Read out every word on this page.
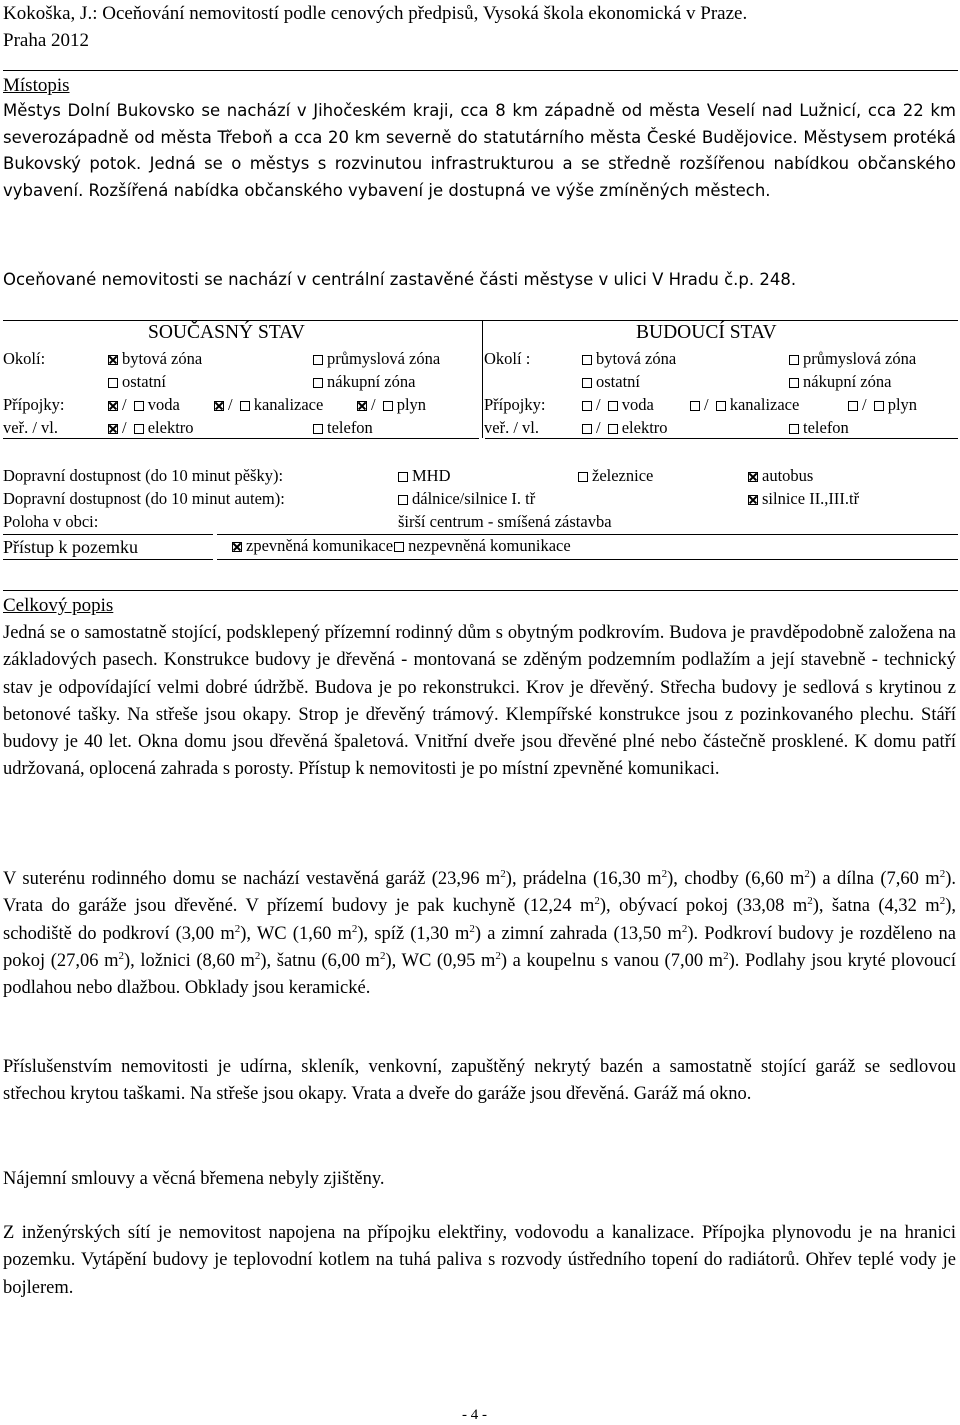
Kokoška, J.: Oceňování nemovitostí podle cenových předpisů, Vysoká škola ekonomická v Praze.
Praha 2012
Místopis
Městys Dolní Bukovsko se nachází v Jihočeském kraji, cca 8 km západně od města Veselí nad Lužnicí, cca 22 km severozápadně od města Třeboň a cca 20 km severně do statutárního města České Budějovice. Městysem protéká Bukovský potok. Jedná se o městys s rozvinutou infrastrukturou a se středně rozšířenou nabídkou občanského vybavení. Rozšířená nabídka občanského vybavení je dostupná ve výše zmíněných městech.
Oceňované nemovitosti se nachází v centrální zastavěné části městyse v ulici V Hradu č.p. 248.
SOUČASNÝ STAV	BUDOUCÍ STAV
Okolí:	bytová zóna	průmyslová zóna
ostatní	nákupní zóna
Přípojky:	/ voda	/ kanalizace	/ plyn
veř. / vl.	/ elektro	telefon
Okolí :	bytová zóna	průmyslová zóna
ostatní	nákupní zóna
Přípojky:	/ voda	/ kanalizace	/ plyn
veř. / vl.	/ elektro	telefon
Dopravní dostupnost (do 10 minut pěšky):	MHD	železnice	autobus
Dopravní dostupnost (do 10 minut autem):	dálnice/silnice I. tř	silnice II.,III.tř
Poloha v obci:	širší centrum - smíšená zástavba
Přístup k pozemku	zpevněná komunikace nezpevněná komunikace
Celkový popis
Jedná se o samostatně stojící, podsklepený přízemní rodinný dům s obytným podkrovím. Budova je pravděpodobně založena na základových pasech. Konstrukce budovy je dřevěná - montovaná se zděným podzemním podlažím a její stavebně - technický stav je odpovídající velmi dobré údržbě. Budova je po rekonstrukci. Krov je dřevěný. Střecha budovy je sedlová s krytinou z betonové tašky. Na střeše jsou okapy. Strop je dřevěný trámový. Klempířské konstrukce jsou z pozinkovaného plechu. Stáří budovy je 40 let. Okna domu jsou dřevěná špaletová. Vnitřní dveře jsou dřevěné plné nebo částečně prosklené. K domu patří udržovaná, oplocená zahrada s porosty. Přístup k nemovitosti je po místní zpevněné komunikaci.
V suterénu rodinného domu se nachází vestavěná garáž (23,96 $m^2$), prádelna (16,30 $m^2$), chodby (6,60 $m^2$) a dílna (7,60 $m^2$). Vrata do garáže jsou dřevěné. V přízemí budovy je pak kuchyně (12,24 $m^2$), obývací pokoj (33,08 $m^2$), šatna (4,32 $m^2$), schodiště do podkroví (3,00 $m^2$), WC (1,60 $m^2$), spíž (1,30 $m^2$) a zimní zahrada (13,50 $m^2$). Podkroví budovy je rozděleno na pokoj (27,06 $m^2$), ložnici (8,60 $m^2$), šatnu (6,00 $m^2$), WC (0,95 $m^2$) a koupelnu s vanou (7,00 $m^2$). Podlahy jsou kryté plovoucí podlahou nebo dlažbou. Obklady jsou keramické.
Příslušenstvím nemovitosti je udírna, skleník, venkovní, zapuštěný nekrytý bazén a samostatně stojící garáž se sedlovou střechou krytou taškami. Na střeše jsou okapy. Vrata a dveře do garáže jsou dřevěná. Garáž má okno.
Nájemní smlouvy a věcná břemena nebyly zjištěny.
Z inženýrských sítí je nemovitost napojena na přípojku elektřiny, vodovodu a kanalizace. Přípojka plynovodu je na hranici pozemku. Vytápění budovy je teplovodní kotlem na tuhá paliva s rozvody ústředního topení do radiátorů. Ohřev teplé vody je bojlerem.
- 4 -
